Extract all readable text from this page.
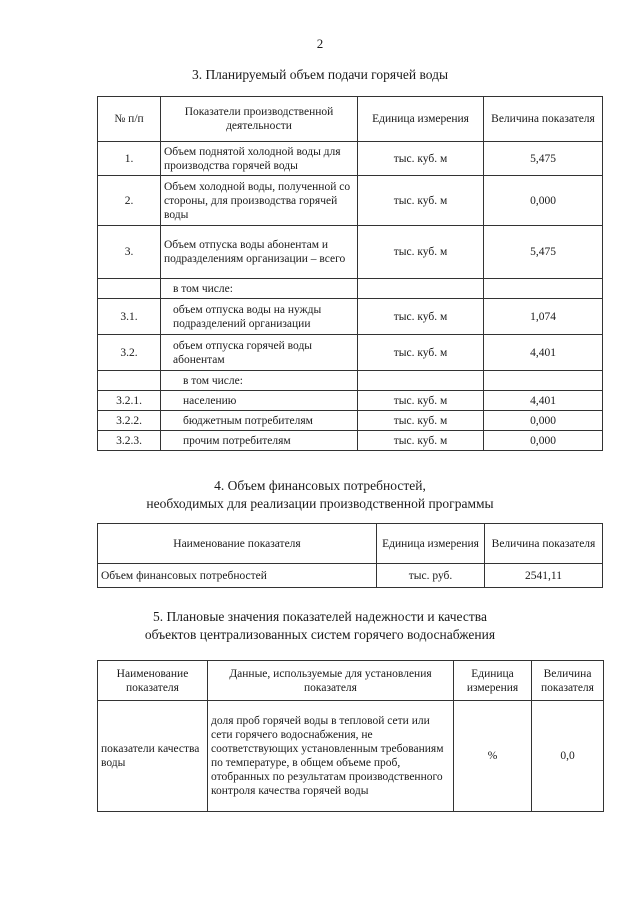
2
3. Планируемый объем подачи горячей воды
№ п/п	Показатели производственной деятельности	Единица измерения	Величина показателя
1.	Объем поднятой холодной воды для производства горячей воды	тыс. куб. м	5,475
2.	Объем холодной воды, полученной со стороны, для производства горячей воды	тыс. куб. м	0,000
3.	Объем отпуска воды абонентам и подразделениям организации – всего	тыс. куб. м	5,475
	в том числе:		
3.1.	объем отпуска воды на нужды подразделений организации	тыс. куб. м	1,074
3.2.	объем отпуска горячей воды абонентам	тыс. куб. м	4,401
	в том числе:		
3.2.1.	населению	тыс. куб. м	4,401
3.2.2.	бюджетным потребителям	тыс. куб. м	0,000
3.2.3.	прочим потребителям	тыс. куб. м	0,000
4. Объем финансовых потребностей,
необходимых для реализации производственной программы
Наименование показателя	Единица измерения	Величина показателя
Объем финансовых потребностей	тыс. руб.	2541,11
5. Плановые значения показателей надежности и качества
объектов централизованных систем горячего водоснабжения
Наименование показателя	Данные, используемые для установления показателя	Единица измерения	Величина показателя
показатели качества воды	доля проб горячей воды в тепловой сети или сети горячего водоснабжения, не соответствующих установленным требованиям по температуре, в общем объеме проб, отобранных по результатам производственного контроля качества горячей воды	%	0,0
